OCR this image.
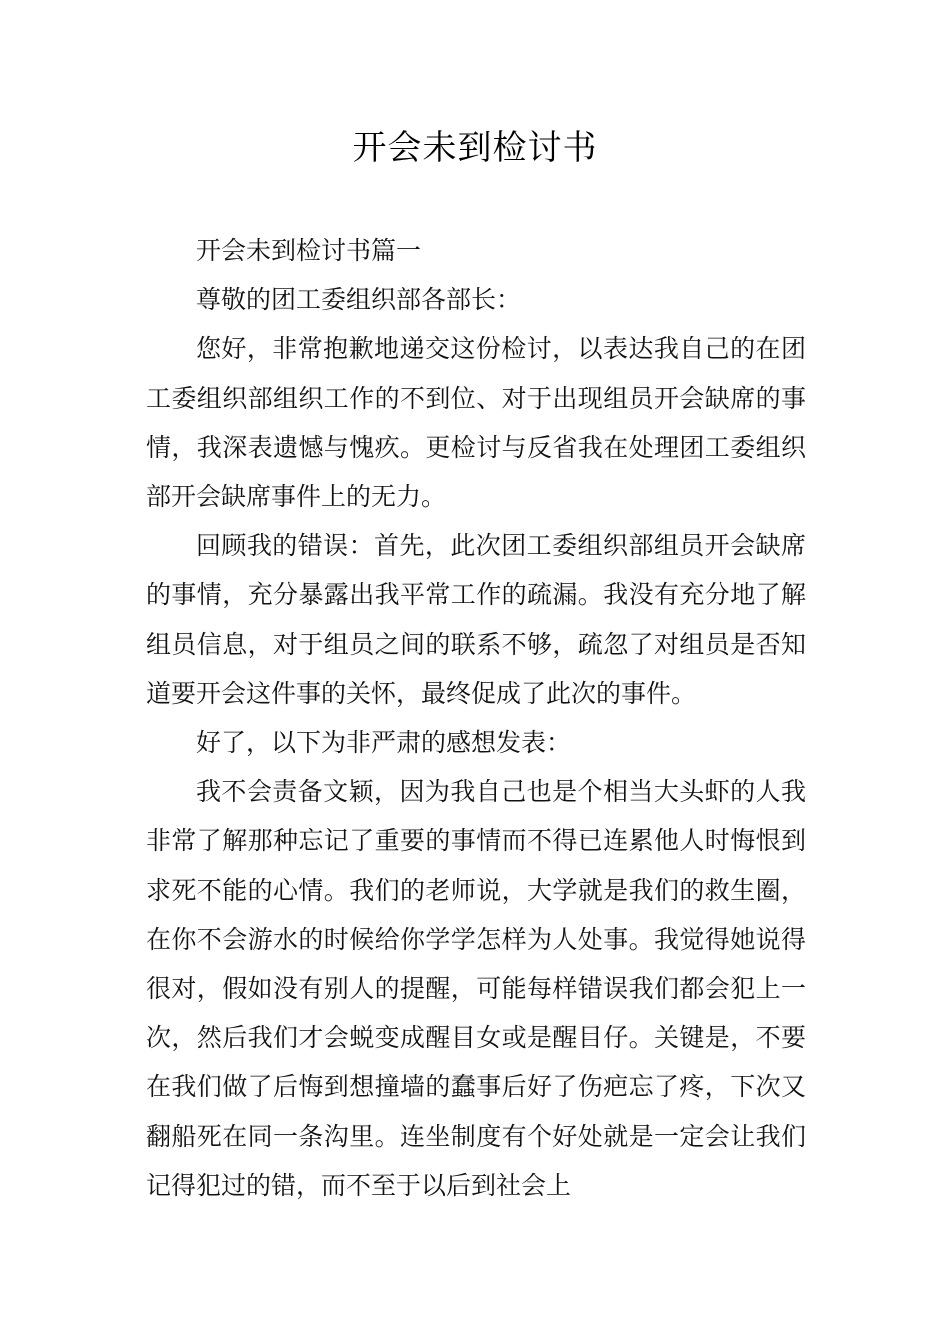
开会未到检讨书

开会未到检讨书篇一

尊敬的团工委组织部各部长：

您好，非常抱歉地递交这份检讨，以表达我自己的在团工委组织部组织工作的不到位、对于出现组员开会缺席的事情，我深表遗憾与愧疚。更检讨与反省我在处理团工委组织部开会缺席事件上的无力。

回顾我的错误：首先，此次团工委组织部组员开会缺席的事情，充分暴露出我平常工作的疏漏。我没有充分地了解组员信息，对于组员之间的联系不够，疏忽了对组员是否知道要开会这件事的关怀，最终促成了此次的事件。

好了，以下为非严肃的感想发表：

我不会责备文颖，因为我自己也是个相当大头虾的人我非常了解那种忘记了重要的事情而不得已连累他人时悔恨到求死不能的心情。我们的老师说，大学就是我们的救生圈，在你不会游水的时候给你学学怎样为人处事。我觉得她说得很对，假如没有别人的提醒，可能每样错误我们都会犯上一次，然后我们才会蜕变成醒目女或是醒目仔。关键是，不要在我们做了后悔到想撞墙的蠢事后好了伤疤忘了疼，下次又翻船死在同一条沟里。连坐制度有个好处就是一定会让我们记得犯过的错，而不至于以后到社会上
